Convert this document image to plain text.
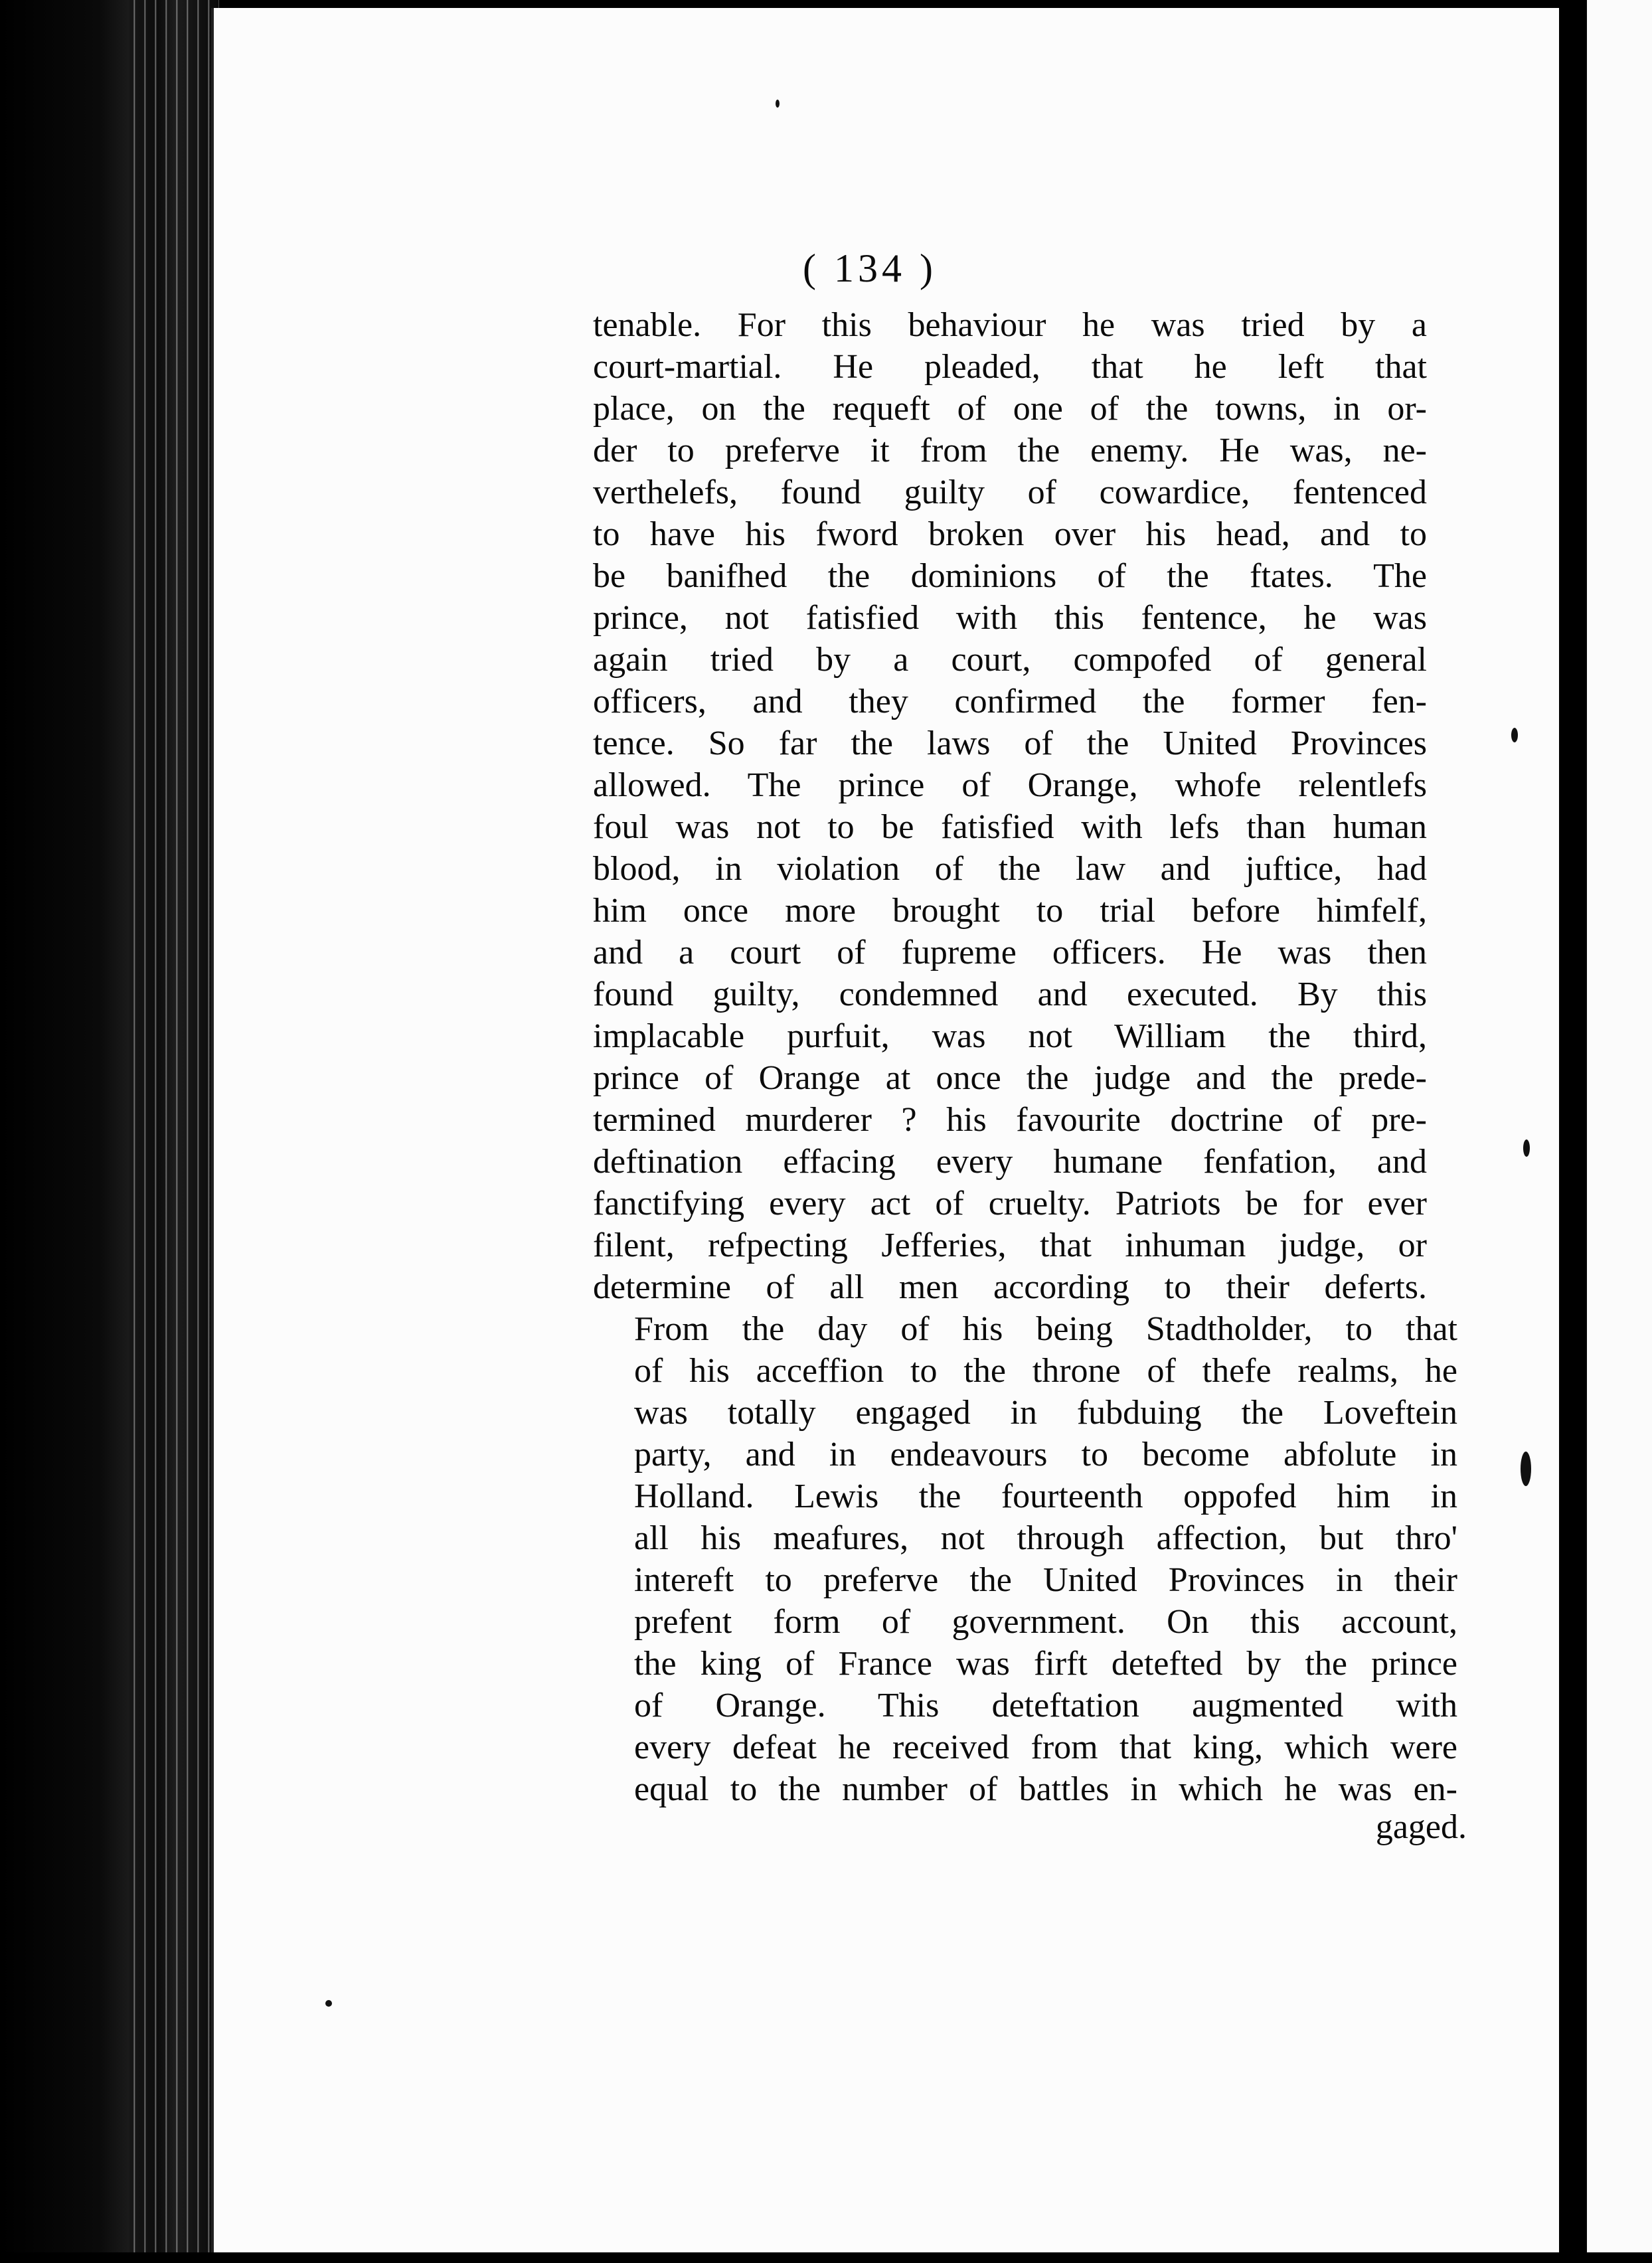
( 134 )
tenable. For this behaviour he was tried by a
court-martial. He pleaded, that he left that
place, on the requeft of one of the towns, in or-
der to preferve it from the enemy. He was, ne-
verthelefs, found guilty of cowardice, fentenced
to have his fword broken over his head, and to
be banifhed the dominions of the ftates. The
prince, not fatisfied with this fentence, he was
again tried by a court, compofed of general
officers, and they confirmed the former fen-
tence. So far the laws of the United Provinces
allowed. The prince of Orange, whofe relentlefs
foul was not to be fatisfied with lefs than human
blood, in violation of the law and juftice, had
him once more brought to trial before himfelf,
and a court of fupreme officers. He was then
found guilty, condemned and executed. By this
implacable purfuit, was not William the third,
prince of Orange at once the judge and the prede-
termined murderer ? his favourite doctrine of pre-
deftination effacing every humane fenfation, and
fanctifying every act of cruelty. Patriots be for ever
filent, refpecting Jefferies, that inhuman judge, or
determine of all men according to their deferts.
From the day of his being Stadtholder, to that
of his acceffion to the throne of thefe realms, he
was totally engaged in fubduing the Loveftein
party, and in endeavours to become abfolute in
Holland. Lewis the fourteenth oppofed him in
all his meafures, not through affection, but thro'
intereft to preferve the United Provinces in their
prefent form of government. On this account,
the king of France was firft detefted by the prince
of Orange. This deteftation augmented with
every defeat he received from that king, which were
equal to the number of battles in which he was en-
gaged.
